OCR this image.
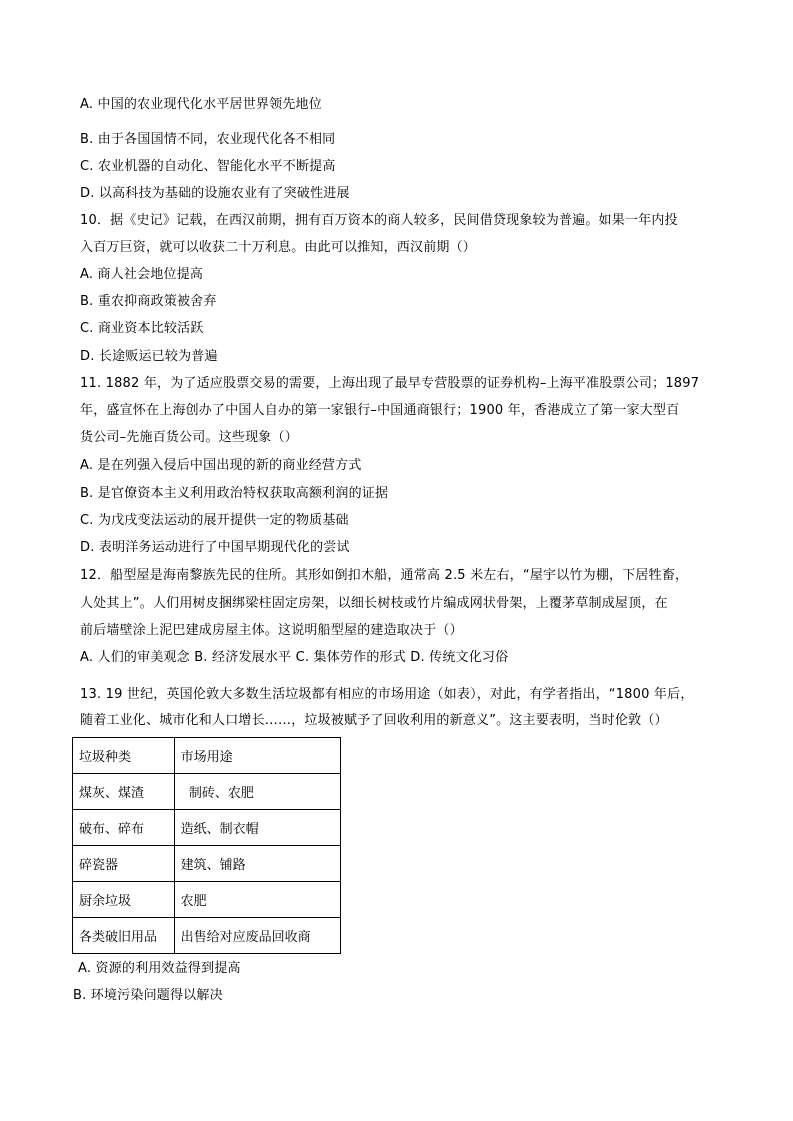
A. 中国的农业现代化水平居世界领先地位
B. 由于各国国情不同，农业现代化各不相同
C. 农业机器的自动化、智能化水平不断提高
D. 以高科技为基础的设施农业有了突破性进展
10．据《史记》记载，在西汉前期，拥有百万资本的商人较多，民间借贷现象较为普遍。如果一年内投
入百万巨资，就可以收获二十万利息。由此可以推知，西汉前期（）
A. 商人社会地位提高
B. 重农抑商政策被舍弃
C. 商业资本比较活跃
D. 长途贩运已较为普遍
11. 1882 年，为了适应股票交易的需要，上海出现了最早专营股票的证券机构–上海平准股票公司；1897
年，盛宣怀在上海创办了中国人自办的第一家银行–中国通商银行；1900 年，香港成立了第一家大型百
货公司–先施百货公司。这些现象（）
A. 是在列强入侵后中国出现的新的商业经营方式
B. 是官僚资本主义利用政治特权获取高额利润的证据
C. 为戊戌变法运动的展开提供一定的物质基础
D. 表明洋务运动进行了中国早期现代化的尝试
12．船型屋是海南黎族先民的住所。其形如倒扣木船，通常高 2.5 米左右，“屋宇以竹为棚，下居牲畜，
人处其上”。人们用树皮捆绑梁柱固定房架，以细长树枝或竹片编成网状骨架，上覆茅草制成屋顶，在
前后墙壁涂上泥巴建成房屋主体。这说明船型屋的建造取决于（）
A. 人们的审美观念 B. 经济发展水平 C. 集体劳作的形式 D. 传统文化习俗
13. 19 世纪，英国伦敦大多数生活垃圾都有相应的市场用途（如表），对此，有学者指出，“1800 年后，
随着工业化、城市化和人口增长……，垃圾被赋予了回收利用的新意义”。这主要表明，当时伦敦（）
垃圾种类	市场用途
煤灰、煤渣	制砖、农肥
破布、碎布	造纸、制衣帽
碎瓷器	建筑、铺路
厨余垃圾	农肥
各类破旧用品	出售给对应废品回收商
A. 资源的利用效益得到提高
B. 环境污染问题得以解决
